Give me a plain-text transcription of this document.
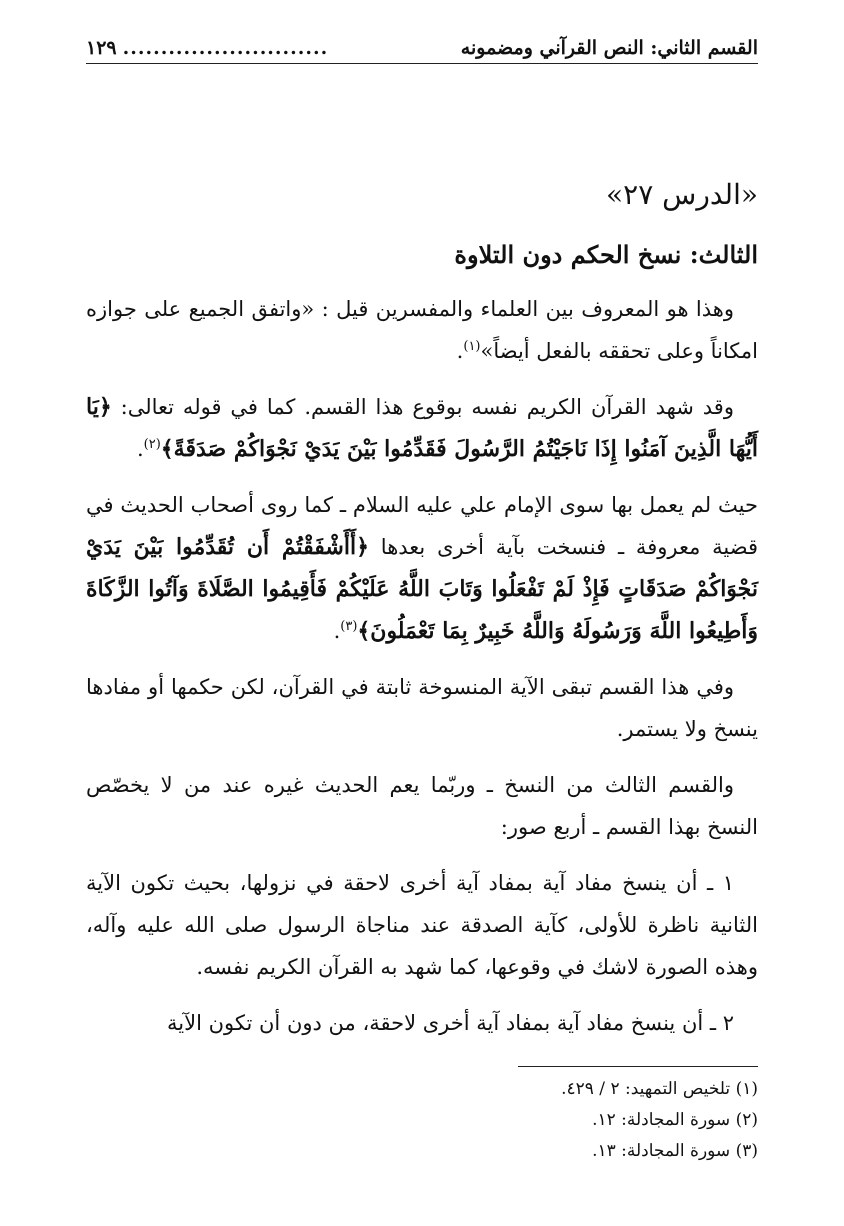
القسم الثاني: النص القرآني ومضمونه
١٢٩ ...........................
«الدرس ٢٧»
الثالث: نسخ الحكم دون التلاوة

وهذا هو المعروف بين العلماء والمفسرين قيل : «واتفق الجميع على جوازه امكاناً وعلى تحققه بالفعل أيضاً»$^{(١)}$.

وقد شهد القرآن الكريم نفسه بوقوع هذا القسم. كما في قوله تعالى: ﴿يَا أَيُّهَا الَّذِينَ آمَنُوا إِذَا نَاجَيْتُمُ الرَّسُولَ فَقَدِّمُوا بَيْنَ يَدَيْ نَجْوَاكُمْ صَدَقَةً﴾$^{(٢)}$.

حيث لم يعمل بها سوى الإمام علي عليه السلام ـ كما روى أصحاب الحديث في قضية معروفة ـ فنسخت بآية أخرى بعدها ﴿أَأَشْفَقْتُمْ أَن تُقَدِّمُوا بَيْنَ يَدَيْ نَجْوَاكُمْ صَدَقَاتٍ فَإِذْ لَمْ تَفْعَلُوا وَتَابَ اللَّهُ عَلَيْكُمْ فَأَقِيمُوا الصَّلَاةَ وَآتُوا الزَّكَاةَ وَأَطِيعُوا اللَّهَ وَرَسُولَهُ وَاللَّهُ خَبِيرٌ بِمَا تَعْمَلُونَ﴾$^{(٣)}$.

وفي هذا القسم تبقى الآية المنسوخة ثابتة في القرآن، لكن حكمها أو مفادها ينسخ ولا يستمر.

والقسم الثالث من النسخ ـ وربّما يعم الحديث غيره عند من لا يخصّص النسخ بهذا القسم ـ أربع صور:

١ ـ أن ينسخ مفاد آية بمفاد آية أخرى لاحقة في نزولها، بحيث تكون الآية الثانية ناظرة للأولى، كآية الصدقة عند مناجاة الرسول صلى الله عليه وآله، وهذه الصورة لاشك في وقوعها، كما شهد به القرآن الكريم نفسه.

٢ ـ أن ينسخ مفاد آية بمفاد آية أخرى لاحقة، من دون أن تكون الآية

(١) تلخيص التمهيد: ٢ / ٤٢٩.
(٢) سورة المجادلة: ١٢.
(٣) سورة المجادلة: ١٣.
